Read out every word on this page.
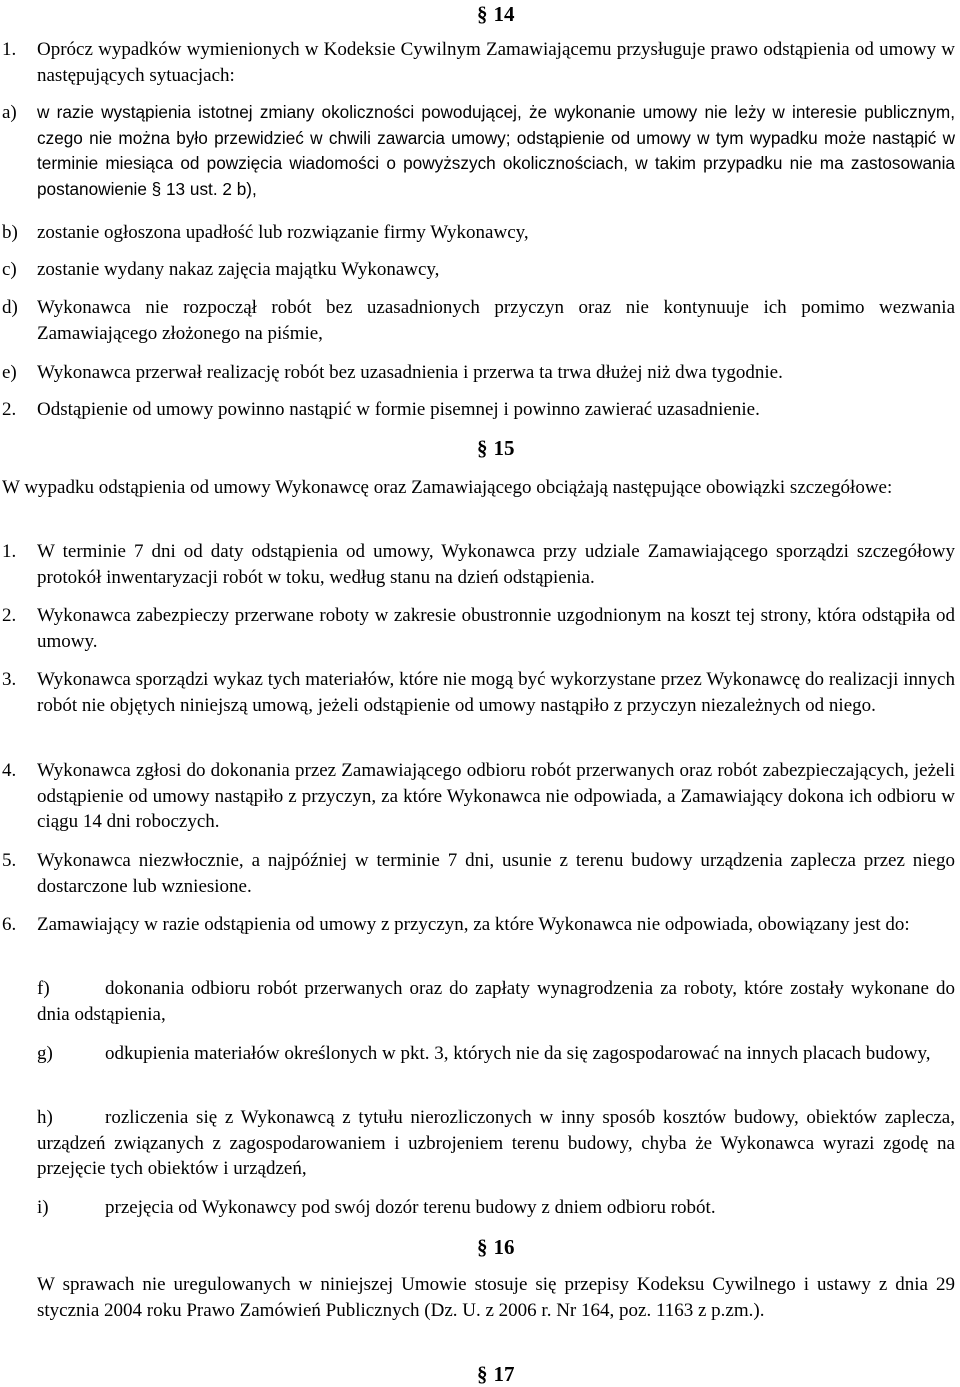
§ 14
1. Oprócz wypadków wymienionych w Kodeksie Cywilnym Zamawiającemu przysługuje prawo odstąpienia od umowy w następujących sytuacjach:
a) w razie wystąpienia istotnej zmiany okoliczności powodującej, że wykonanie umowy nie leży w interesie publicznym, czego nie można było przewidzieć w chwili zawarcia umowy; odstąpienie od umowy w tym wypadku może nastąpić w terminie miesiąca od powzięcia wiadomości o powyższych okolicznościach, w takim przypadku nie ma zastosowania postanowienie § 13 ust. 2 b),
b) zostanie ogłoszona upadłość lub rozwiązanie firmy Wykonawcy,
c) zostanie wydany nakaz zajęcia majątku Wykonawcy,
d) Wykonawca nie rozpoczął robót bez uzasadnionych przyczyn oraz nie kontynuuje ich pomimo wezwania Zamawiającego złożonego na piśmie,
e) Wykonawca przerwał realizację robót bez uzasadnienia i przerwa ta trwa dłużej niż dwa tygodnie.
2. Odstąpienie od umowy powinno nastąpić w formie pisemnej i powinno zawierać uzasadnienie.
§ 15
W wypadku odstąpienia od umowy Wykonawcę oraz Zamawiającego obciążają następujące obowiązki szczegółowe:
1. W terminie 7 dni od daty odstąpienia od umowy, Wykonawca przy udziale Zamawiającego sporządzi szczegółowy protokół inwentaryzacji robót w toku, według stanu na dzień odstąpienia.
2. Wykonawca zabezpieczy przerwane roboty w zakresie obustronnie uzgodnionym na koszt tej strony, która odstąpiła od umowy.
3. Wykonawca sporządzi wykaz tych materiałów, które nie mogą być wykorzystane przez Wykonawcę do realizacji innych robót nie objętych niniejszą umową, jeżeli odstąpienie od umowy nastąpiło z przyczyn niezależnych od niego.
4. Wykonawca zgłosi do dokonania przez Zamawiającego odbioru robót przerwanych oraz robót zabezpieczających, jeżeli odstąpienie od umowy nastąpiło z przyczyn, za które Wykonawca nie odpowiada, a Zamawiający dokona ich odbioru w ciągu 14 dni roboczych.
5. Wykonawca niezwłocznie, a najpóźniej w terminie 7 dni, usunie z terenu budowy urządzenia zaplecza przez niego dostarczone lub wzniesione.
6. Zamawiający w razie odstąpienia od umowy z przyczyn, za które Wykonawca nie odpowiada, obowiązany jest do:
f)	dokonania odbioru robót przerwanych oraz do zapłaty wynagrodzenia za roboty, które zostały wykonane do dnia odstąpienia,
g)	odkupienia materiałów określonych w pkt. 3, których nie da się zagospodarować na innych placach budowy,
h)	rozliczenia się z Wykonawcą z tytułu nierozliczonych w inny sposób kosztów budowy, obiektów zaplecza, urządzeń związanych z zagospodarowaniem i uzbrojeniem terenu budowy, chyba że Wykonawca wyrazi zgodę na przejęcie tych obiektów i urządzeń,
i)	przejęcia od Wykonawcy pod swój dozór terenu budowy z dniem odbioru robót.
§ 16
W sprawach nie uregulowanych w niniejszej Umowie stosuje się przepisy Kodeksu Cywilnego i ustawy z dnia 29 stycznia 2004 roku Prawo Zamówień Publicznych (Dz. U. z 2006 r. Nr 164, poz. 1163 z p.zm.).
§ 17
